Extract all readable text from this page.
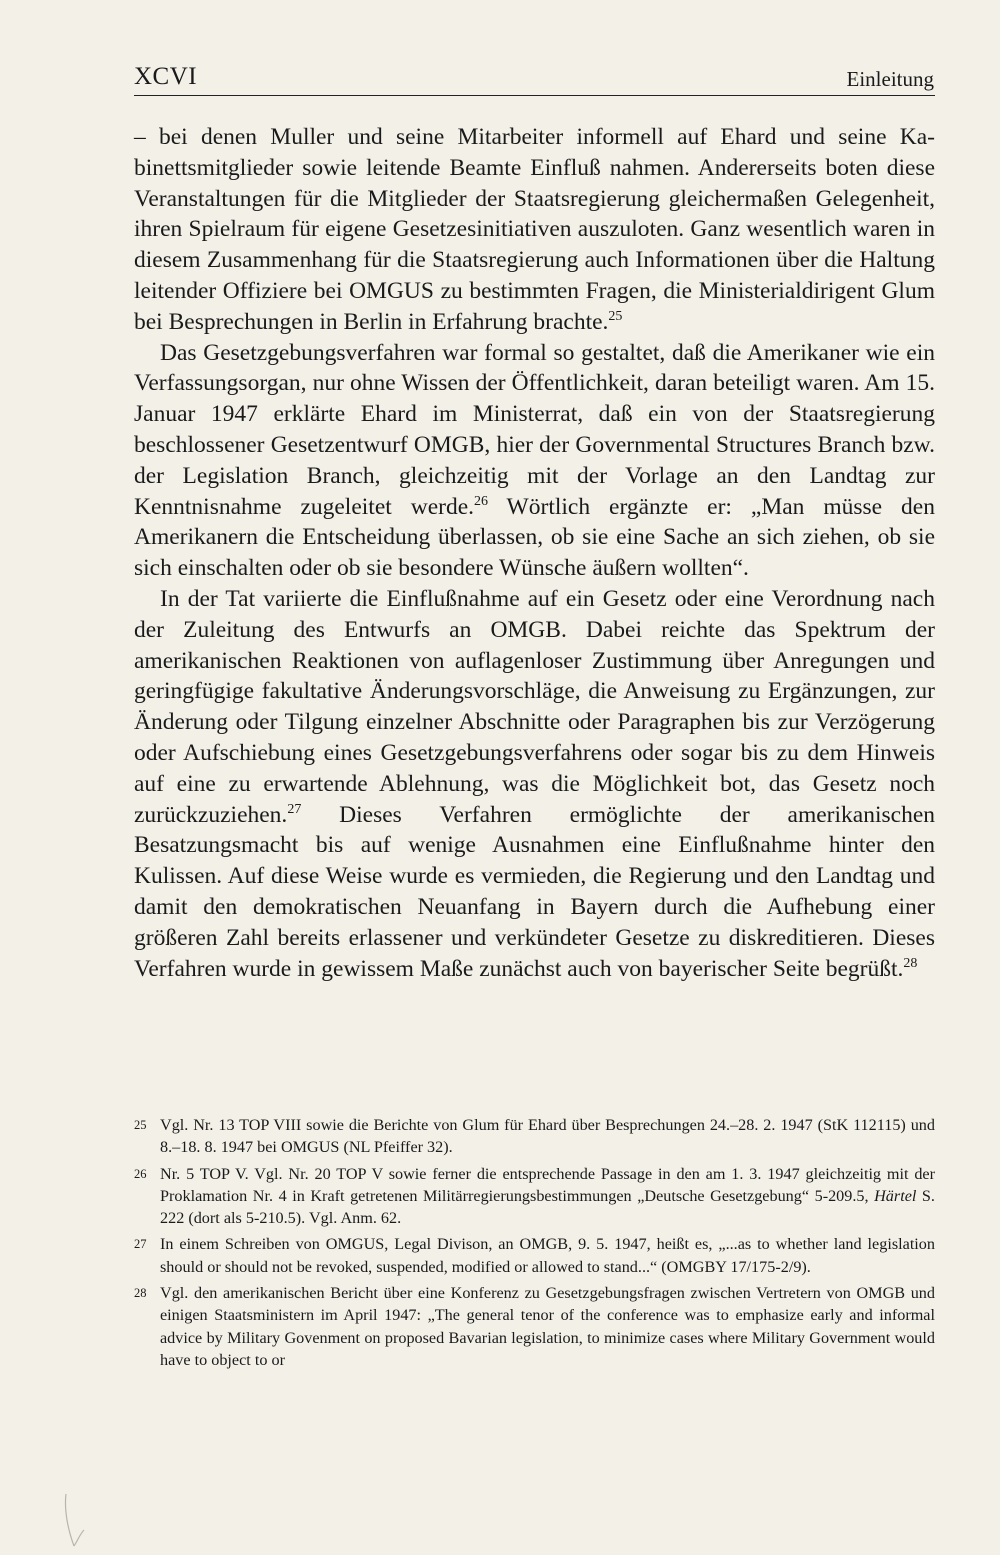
XCVI	Einleitung

– bei denen Muller und seine Mitarbeiter informell auf Ehard und seine Kabinettsmitglieder sowie leitende Beamte Einfluß nahmen. Andererseits boten diese Veranstaltungen für die Mitglieder der Staatsregierung gleichermaßen Gelegenheit, ihren Spielraum für eigene Gesetzesinitiativen auszuloten. Ganz wesentlich waren in diesem Zusammenhang für die Staatsregierung auch Informationen über die Haltung leitender Offiziere bei OMGUS zu bestimmten Fragen, die Ministerialdirigent Glum bei Besprechungen in Berlin in Erfahrung brachte.$^{25}$

Das Gesetzgebungsverfahren war formal so gestaltet, daß die Amerikaner wie ein Verfassungsorgan, nur ohne Wissen der Öffentlichkeit, daran beteiligt waren. Am 15. Januar 1947 erklärte Ehard im Ministerrat, daß ein von der Staatsregierung beschlossener Gesetzentwurf OMGB, hier der Governmental Structures Branch bzw. der Legislation Branch, gleichzeitig mit der Vorlage an den Landtag zur Kenntnisnahme zugeleitet werde.$^{26}$ Wörtlich ergänzte er: „Man müsse den Amerikanern die Entscheidung überlassen, ob sie eine Sache an sich ziehen, ob sie sich einschalten oder ob sie besondere Wünsche äußern wollten“.

In der Tat variierte die Einflußnahme auf ein Gesetz oder eine Verordnung nach der Zuleitung des Entwurfs an OMGB. Dabei reichte das Spektrum der amerikanischen Reaktionen von auflagenloser Zustimmung über Anregungen und geringfügige fakultative Änderungsvorschläge, die Anweisung zu Ergänzungen, zur Änderung oder Tilgung einzelner Abschnitte oder Paragraphen bis zur Verzögerung oder Aufschiebung eines Gesetzgebungsverfahrens oder sogar bis zu dem Hinweis auf eine zu erwartende Ablehnung, was die Möglichkeit bot, das Gesetz noch zurückzuziehen.$^{27}$ Dieses Verfahren ermöglichte der amerikanischen Besatzungsmacht bis auf wenige Ausnahmen eine Einflußnahme hinter den Kulissen. Auf diese Weise wurde es vermieden, die Regierung und den Landtag und damit den demokratischen Neuanfang in Bayern durch die Aufhebung einer größeren Zahl bereits erlassener und verkündeter Gesetze zu diskreditieren. Dieses Verfahren wurde in gewissem Maße zunächst auch von bayerischer Seite begrüßt.$^{28}$

25 Vgl. Nr. 13 TOP VIII sowie die Berichte von Glum für Ehard über Besprechungen 24.–28. 2. 1947 (StK 112115) und 8.–18. 8. 1947 bei OMGUS (NL Pfeiffer 32).
26 Nr. 5 TOP V. Vgl. Nr. 20 TOP V sowie ferner die entsprechende Passage in den am 1. 3. 1947 gleichzeitig mit der Proklamation Nr. 4 in Kraft getretenen Militärregierungsbestimmungen „Deutsche Gesetzgebung“ 5-209.5, Härtel S. 222 (dort als 5-210.5). Vgl. Anm. 62.
27 In einem Schreiben von OMGUS, Legal Divison, an OMGB, 9. 5. 1947, heißt es, „...as to whether land legislation should or should not be revoked, suspended, modified or allowed to stand...“ (OMGBY 17/175-2/9).
28 Vgl. den amerikanischen Bericht über eine Konferenz zu Gesetzgebungsfragen zwischen Vertretern von OMGB und einigen Staatsministern im April 1947: „The general tenor of the conference was to emphasize early and informal advice by Military Govenment on proposed Bavarian legislation, to minimize cases where Military Government would have to object to or
